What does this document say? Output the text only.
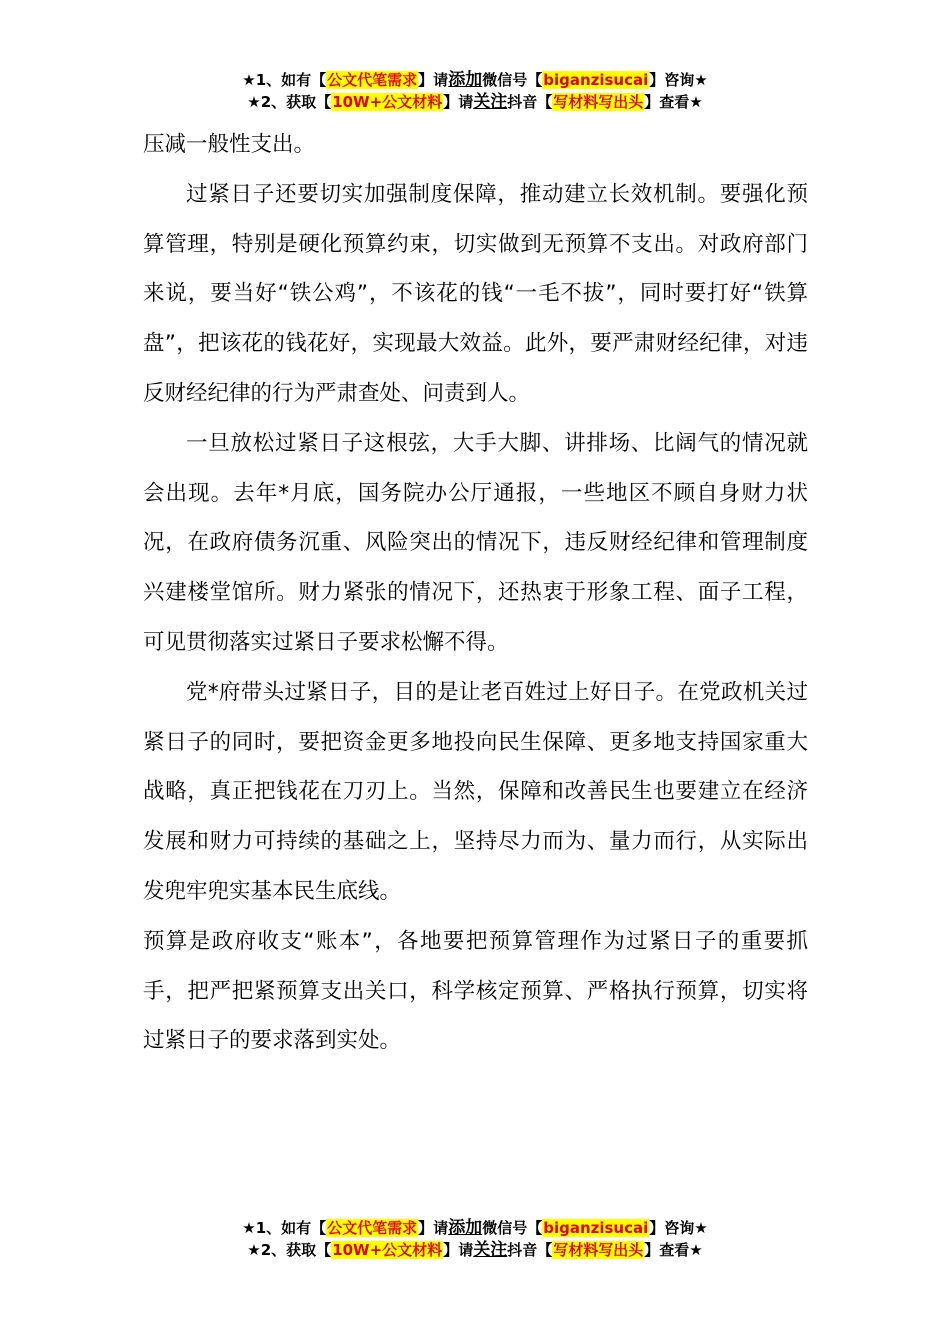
★1、如有【公文代笔需求】请添加微信号【biganzisucai】咨询★
★2、获取【10W+公文材料】请关注抖音【写材料写出头】查看★

压减一般性支出。

过紧日子还要切实加强制度保障，推动建立长效机制。要强化预算管理，特别是硬化预算约束，切实做到无预算不支出。对政府部门来说，要当好“铁公鸡”，不该花的钱“一毛不拔”，同时要打好“铁算盘”，把该花的钱花好，实现最大效益。此外，要严肃财经纪律，对违反财经纪律的行为严肃查处、问责到人。

一旦放松过紧日子这根弦，大手大脚、讲排场、比阔气的情况就会出现。去年*月底，国务院办公厅通报，一些地区不顾自身财力状况，在政府债务沉重、风险突出的情况下，违反财经纪律和管理制度兴建楼堂馆所。财力紧张的情况下，还热衷于形象工程、面子工程，可见贯彻落实过紧日子要求松懈不得。

党*府带头过紧日子，目的是让老百姓过上好日子。在党政机关过紧日子的同时，要把资金更多地投向民生保障、更多地支持国家重大战略，真正把钱花在刀刃上。当然，保障和改善民生也要建立在经济发展和财力可持续的基础之上，坚持尽力而为、量力而行，从实际出发兜牢兜实基本民生底线。

预算是政府收支“账本”，各地要把预算管理作为过紧日子的重要抓手，把严把紧预算支出关口，科学核定预算、严格执行预算，切实将过紧日子的要求落到实处。

★1、如有【公文代笔需求】请添加微信号【biganzisucai】咨询★
★2、获取【10W+公文材料】请关注抖音【写材料写出头】查看★
